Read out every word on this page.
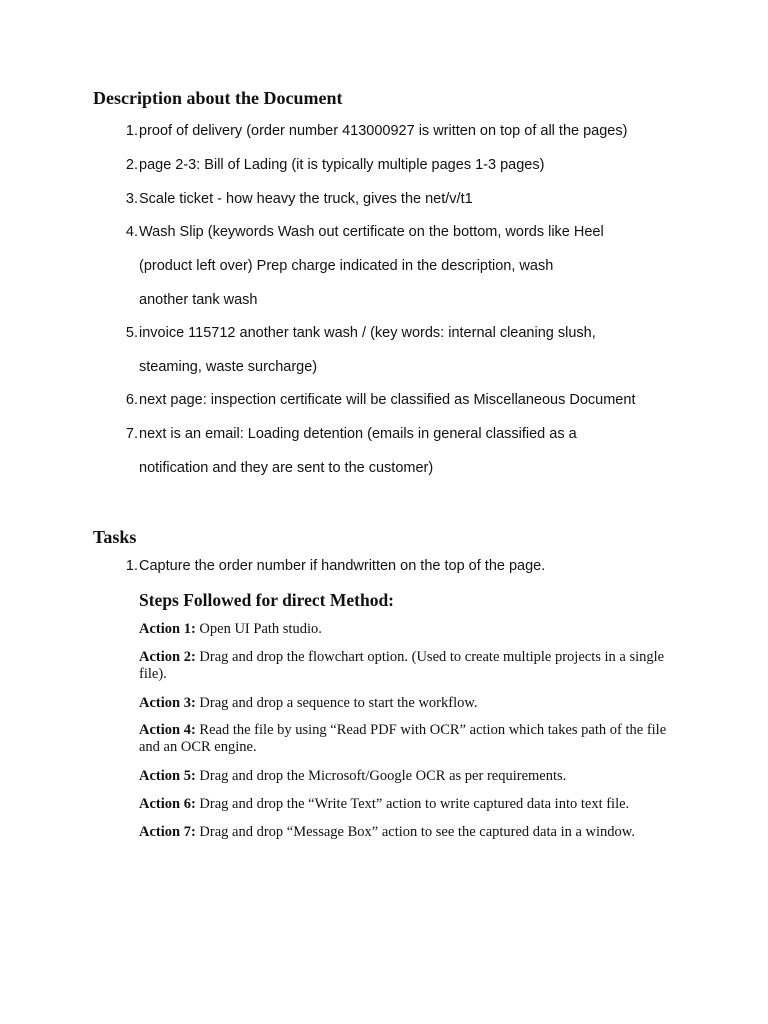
Description about the Document
1. proof of delivery (order number 413000927 is written on top of all the pages)
2. page 2-3: Bill of Lading (it is typically multiple pages 1-3 pages)
3. Scale ticket - how heavy the truck, gives the net/v/t1
4. Wash Slip (keywords Wash out certificate on the bottom, words like Heel
(product left over) Prep charge indicated in the description, wash
another tank wash
5. invoice 115712 another tank wash / (key words: internal cleaning slush,
steaming, waste surcharge)
6. next page: inspection certificate will be classified as Miscellaneous Document
7. next is an email: Loading detention (emails in general classified as a
notification and they are sent to the customer)
Tasks
1. Capture the order number if handwritten on the top of the page.
Steps Followed for direct Method:
Action 1: Open UI Path studio.
Action 2: Drag and drop the flowchart option. (Used to create multiple projects in a single file).
Action 3: Drag and drop a sequence to start the workflow.
Action 4: Read the file by using “Read PDF with OCR” action which takes path of the file and an OCR engine.
Action 5: Drag and drop the Microsoft/Google OCR as per requirements.
Action 6: Drag and drop the “Write Text” action to write captured data into text file.
Action 7: Drag and drop “Message Box” action to see the captured data in a window.
